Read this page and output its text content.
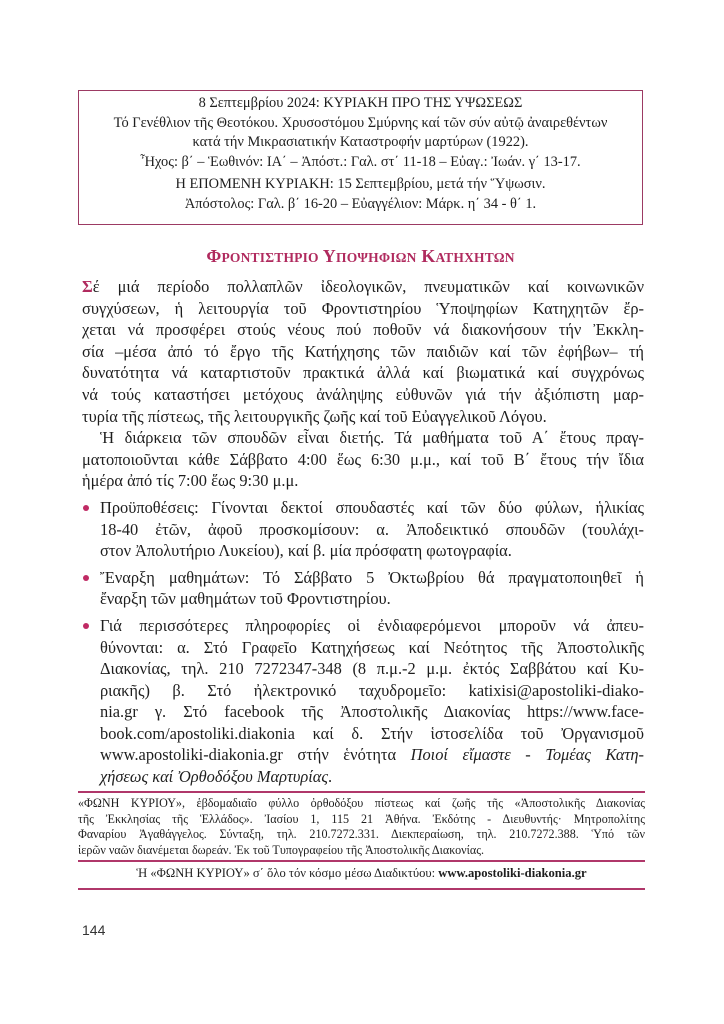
8 Σεπτεμβρίου 2024: ΚΥΡΙΑΚΗ ΠΡΟ ΤΗΣ ΥΨΩΣΕΩΣ
Τό Γενέθλιον τῆς Θεοτόκου. Χρυσοστόμου Σμύρνης καί τῶν σύν αὐτῷ ἀναιρεθέντων
κατά τήν Μικρασιατικήν Καταστροφήν μαρτύρων (1922).
Ἦχος: β΄ – Ἑωθινόν: ΙΑ΄ – Ἀπόστ.: Γαλ. στ΄ 11-18 – Εὐαγ.: Ἰωάν. γ΄ 13-17.
Η ΕΠΟΜΕΝΗ ΚΥΡΙΑΚΗ: 15 Σεπτεμβρίου, μετά τήν Ὕψωσιν.
Ἀπόστολος: Γαλ. β΄ 16-20 – Εὐαγγέλιον: Μάρκ. η΄ 34 - θ΄ 1.
ΦΡΟΝΤΙΣΤΗΡΙΟ ΥΠΟΨΗΦΙΩΝ ΚΑΤΗΧΗΤΩΝ

Σέ μιά περίοδο πολλαπλῶν ἰδεολογικῶν, πνευματικῶν καί κοινωνικῶν
συγχύσεων, ἡ λειτουργία τοῦ Φροντιστηρίου Ὑποψηφίων Κατηχητῶν ἔρ-
χεται νά προσφέρει στούς νέους πού ποθοῦν νά διακονήσουν τήν Ἐκκλη-
σία –μέσα ἀπό τό ἔργο τῆς Κατήχησης τῶν παιδιῶν καί τῶν ἐφήβων– τή
δυνατότητα νά καταρτιστοῦν πρακτικά ἀλλά καί βιωματικά καί συγχρόνως
νά τούς καταστήσει μετόχους ἀνάληψης εὐθυνῶν γιά τήν ἀξιόπιστη μαρ-
τυρία τῆς πίστεως, τῆς λειτουργικῆς ζωῆς καί τοῦ Εὐαγγελικοῦ Λόγου.

Ἡ διάρκεια τῶν σπουδῶν εἶναι διετής. Τά μαθήματα τοῦ Α΄ ἔτους πραγ-
ματοποιοῦνται κάθε Σάββατο 4:00 ἕως 6:30 μ.μ., καί τοῦ Β΄ ἔτους τήν ἴδια
ἡμέρα ἀπό τίς 7:00 ἕως 9:30 μ.μ.

Προϋποθέσεις: Γίνονται δεκτοί σπουδαστές καί τῶν δύο φύλων, ἡλικίας
18-40 ἐτῶν, ἀφοῦ προσκομίσουν: α. Ἀποδεικτικό σπουδῶν (τουλάχι-
στον Ἀπολυτήριο Λυκείου), καί β. μία πρόσφατη φωτογραφία.
Ἔναρξη μαθημάτων: Τό Σάββατο 5 Ὀκτωβρίου θά πραγματοποιηθεῖ ἡ
ἔναρξη τῶν μαθημάτων τοῦ Φροντιστηρίου.
Γιά περισσότερες πληροφορίες οἱ ἐνδιαφερόμενοι μποροῦν νά ἀπευ-
θύνονται: α. Στό Γραφεῖο Κατηχήσεως καί Νεότητος τῆς Ἀποστολικῆς
Διακονίας, τηλ. 210 7272347-348 (8 π.μ.-2 μ.μ. ἐκτός Σαββάτου καί Κυ-
ριακῆς) β. Στό ἠλεκτρονικό ταχυδρομεῖο: katixisi@apostoliki-diako-
nia.gr γ. Στό facebook τῆς Ἀποστολικῆς Διακονίας https://www.face-
book.com/apostoliki.diakonia καί δ. Στήν ἱστοσελίδα τοῦ Ὀργανισμοῦ
www.apostoliki-diakonia.gr στήν ἑνότητα Ποιοί εἴμαστε - Τομέας Κατη-
χήσεως καί Ὀρθοδόξου Μαρτυρίας.
«ΦΩΝΗ ΚΥΡΙΟΥ», ἑβδομαδιαῖο φύλλο ὀρθοδόξου πίστεως καί ζωῆς τῆς «Ἀποστολικῆς Διακονίας
τῆς Ἐκκλησίας τῆς Ἑλλάδος». Ἰασίου 1, 115 21 Ἀθήνα. Ἐκδότης - Διευθυντής· Μητροπολίτης
Φαναρίου Ἀγαθάγγελος. Σύνταξη, τηλ. 210.7272.331. Διεκπεραίωση, τηλ. 210.7272.388. Ὑπό τῶν
ἱερῶν ναῶν διανέμεται δωρεάν. Ἐκ τοῦ Τυπογραφείου τῆς Ἀποστολικῆς Διακονίας.
Ἡ «ΦΩΝΗ ΚΥΡΙΟΥ» σ΄ ὅλο τόν κόσμο μέσω Διαδικτύου: www.apostoliki-diakonia.gr
144
